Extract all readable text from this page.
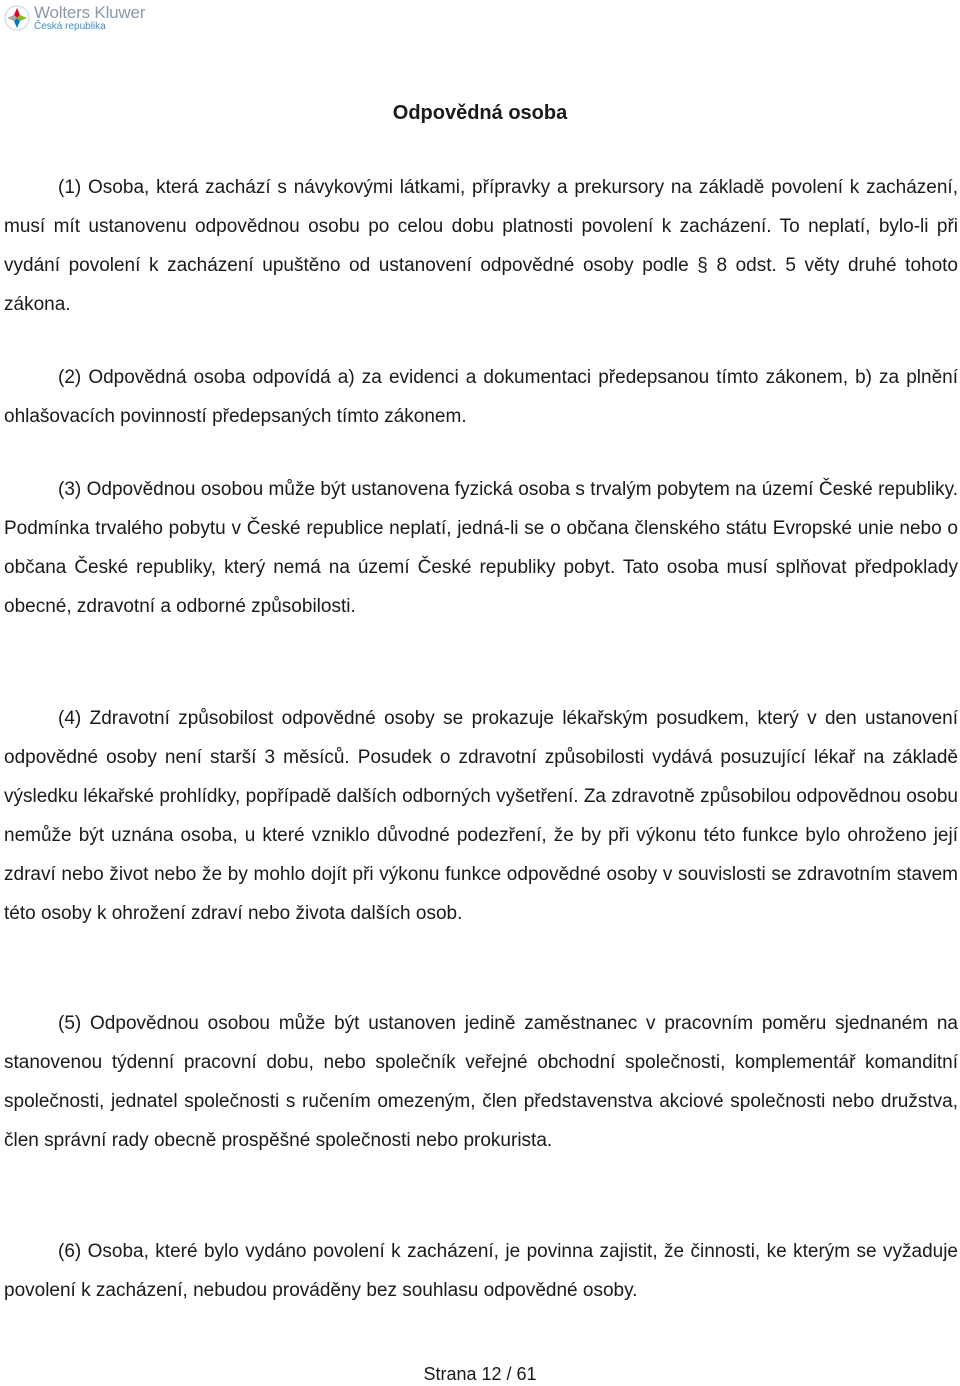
Wolters Kluwer
Česká republika
Odpovědná osoba

(1) Osoba, která zachází s návykovými látkami, přípravky a prekursory na základě povolení k zacházení, musí mít ustanovenu odpovědnou osobu po celou dobu platnosti povolení k zacházení. To neplatí, bylo-li při vydání povolení k zacházení upuštěno od ustanovení odpovědné osoby podle § 8 odst. 5 věty druhé tohoto zákona.

(2) Odpovědná osoba odpovídá a) za evidenci a dokumentaci předepsanou tímto zákonem, b) za plnění ohlašovacích povinností předepsaných tímto zákonem.

(3) Odpovědnou osobou může být ustanovena fyzická osoba s trvalým pobytem na území České republiky. Podmínka trvalého pobytu v České republice neplatí, jedná-li se o občana členského státu Evropské unie nebo o občana České republiky, který nemá na území České republiky pobyt. Tato osoba musí splňovat předpoklady obecné, zdravotní a odborné způsobilosti.

(4) Zdravotní způsobilost odpovědné osoby se prokazuje lékařským posudkem, který v den ustanovení odpovědné osoby není starší 3 měsíců. Posudek o zdravotní způsobilosti vydává posuzující lékař na základě výsledku lékařské prohlídky, popřípadě dalších odborných vyšetření. Za zdravotně způsobilou odpovědnou osobu nemůže být uznána osoba, u které vzniklo důvodné podezření, že by při výkonu této funkce bylo ohroženo její zdraví nebo život nebo že by mohlo dojít při výkonu funkce odpovědné osoby v souvislosti se zdravotním stavem této osoby k ohrožení zdraví nebo života dalších osob.

(5) Odpovědnou osobou může být ustanoven jedině zaměstnanec v pracovním poměru sjednaném na stanovenou týdenní pracovní dobu, nebo společník veřejné obchodní společnosti, komplementář komanditní společnosti, jednatel společnosti s ručením omezeným, člen představenstva akciové společnosti nebo družstva, člen správní rady obecně prospěšné společnosti nebo prokurista.

(6) Osoba, které bylo vydáno povolení k zacházení, je povinna zajistit, že činnosti, ke kterým se vyžaduje povolení k zacházení, nebudou prováděny bez souhlasu odpovědné osoby.

Strana 12 / 61
